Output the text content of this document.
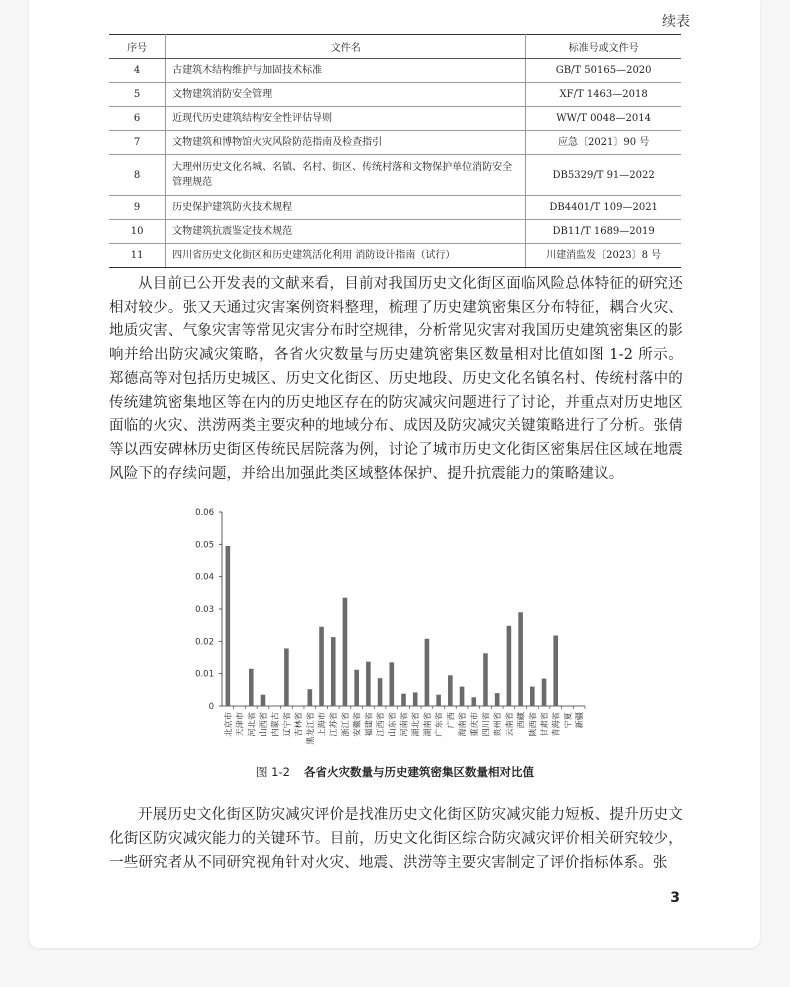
续表
序号	文件名	标准号或文件号
4	古建筑木结构维护与加固技术标准	GB/T 50165—2020
5	文物建筑消防安全管理	XF/T 1463—2018
6	近现代历史建筑结构安全性评估导则	WW/T 0048—2014
7	文物建筑和博物馆火灾风险防范指南及检查指引	应急〔2021〕90 号
8	大理州历史文化名城、名镇、名村、街区、传统村落和文物保护单位消防安全管理规范	DB5329/T 91—2022
9	历史保护建筑防火技术规程	DB4401/T 109—2021
10	文物建筑抗震鉴定技术规范	DB11/T 1689—2019
11	四川省历史文化街区和历史建筑活化利用 消防设计指南（试行）	川建消监发〔2023〕8 号

从目前已公开发表的文献来看，目前对我国历史文化街区面临风险总体特征的研究还相对较少。张又天通过灾害案例资料整理，梳理了历史建筑密集区分布特征，耦合火灾、地质灾害、气象灾害等常见灾害分布时空规律，分析常见灾害对我国历史建筑密集区的影响并给出防灾减灾策略，各省火灾数量与历史建筑密集区数量相对比值如图 1-2 所示。郑德高等对包括历史城区、历史文化街区、历史地段、历史文化名镇名村、传统村落中的传统建筑密集地区等在内的历史地区存在的防灾减灾问题进行了讨论，并重点对历史地区面临的火灾、洪涝两类主要灾种的地域分布、成因及防灾减灾关键策略进行了分析。张倩等以西安碑林历史街区传统民居院落为例，讨论了城市历史文化街区密集居住区域在地震风险下的存续问题，并给出加强此类区域整体保护、提升抗震能力的策略建议。

0
0.01
0.02
0.03
0.04
0.05
0.06
北京市 天津市 河北省 山西省 内蒙古 辽宁省 吉林省 黑龙江省 上海市 江苏省 浙江省 安徽省 福建省 江西省 山东省 河南省 湖北省 湖南省 广东省 广西 海南省 重庆市 四川省 贵州省 云南省 西藏 陕西省 甘肃省 青海省 宁夏 新疆
图 1-2 各省火灾数量与历史建筑密集区数量相对比值

开展历史文化街区防灾减灾评价是找准历史文化街区防灾减灾能力短板、提升历史文化街区防灾减灾能力的关键环节。目前，历史文化街区综合防灾减灾评价相关研究较少，一些研究者从不同研究视角针对火灾、地震、洪涝等主要灾害制定了评价指标体系。张

3
